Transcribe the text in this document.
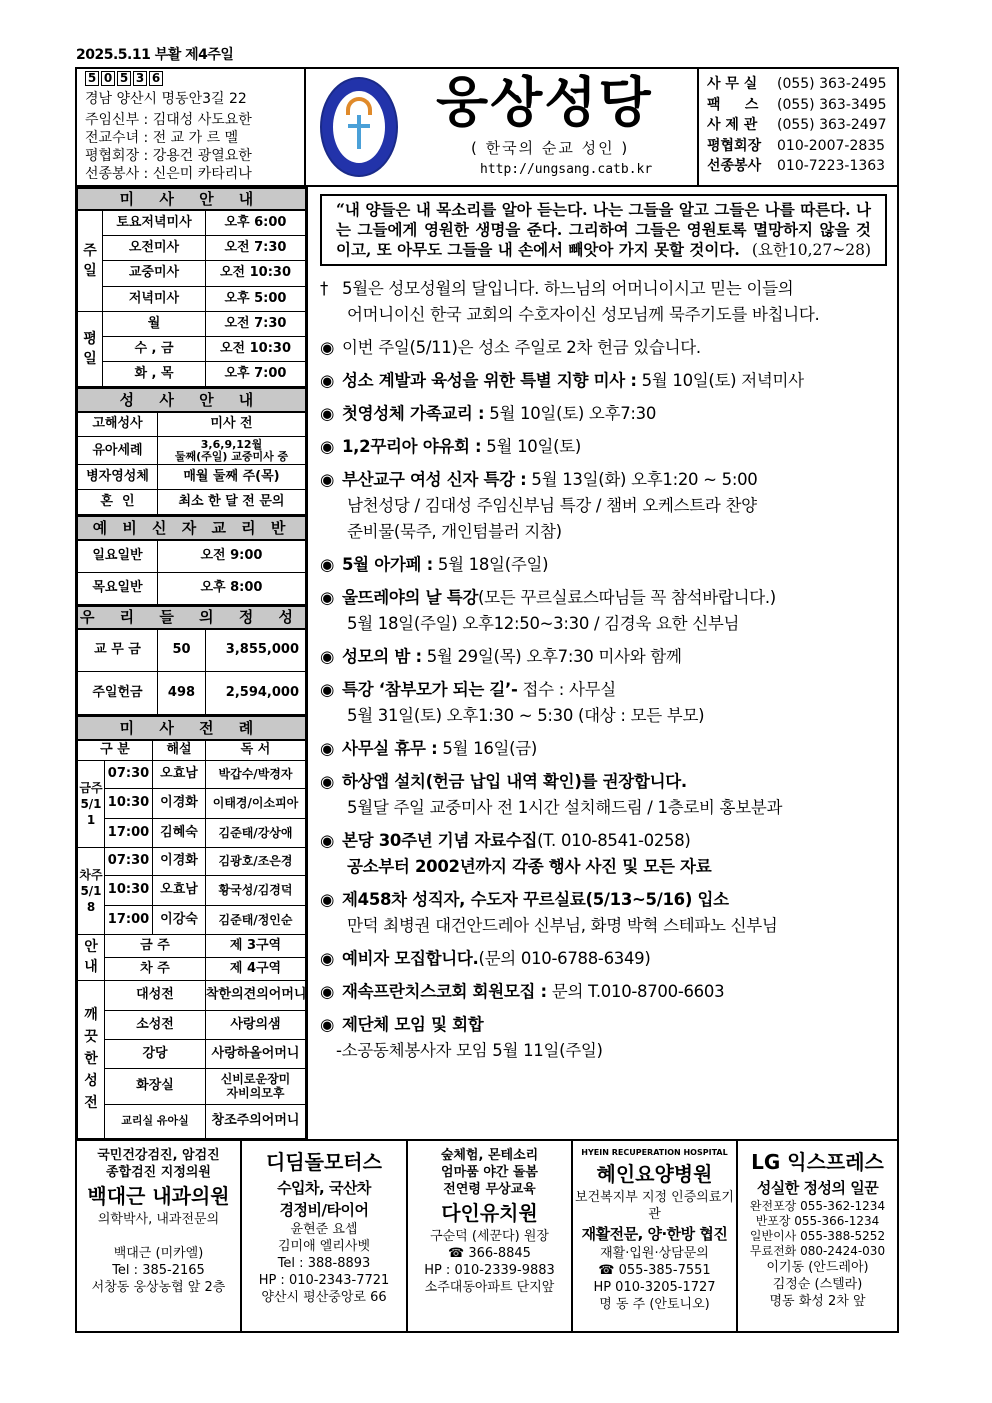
2025.5.11 부활 제4주일
5 0 5 3 6
경남 양산시 명동안3길 22
주임신부 : 김대성 사도요한
전교수녀 : 전 교 가 르 멜
평협회장 : 강용건 광열요한
선종봉사 : 신은미 카타리나
웅상성당
( 한국의 순교 성인 )
http://ungsang.catb.kr
사 무 실	(055) 363-2495
팩     스	(055) 363-3495
사 제 관	(055) 363-2497
평협회장	010-2007-2835
선종봉사	010-7223-1363
미 사 안 내		
주일	토요저녁미사	오후 6:00
	오전미사	오전 7:30
	교중미사	오전 10:30
	저녁미사	오후 5:00
평일	월	오전 7:30
	수 , 금	오전 10:30
	화 , 목	오후 7:00
성 사 안 내	
고해성사	미사 전
유아세례	3,6,9,12월
둘째(주일) 교중미사 중

병자영성체	매월 둘째 주(목)
혼  인	최소 한 달 전 문의
예 비 신 자 교 리 반	
일요일반	오전 9:00
목요일반	오후 8:00
우 리 들 의 정 성		
교 무 금	50	3,855,000
주일헌금	498	2,594,000
미 사 전 례			
구 분		해설	독 서
금주 5/11	07:30	오효남	박갑수/박경자
	10:30	이경화	이태경/이소피아
	17:00	김혜숙	김준태/강상애
차주 5/18	07:30	이경화	김광호/조은경
	10:30	오효남	황국성/김경덕
	17:00	이강숙	김준태/정인순
안내	금 주		제 3구역
	차 주		제 4구역
깨끗한성전	대성전		착한의견의어머니
	소성전		사랑의샘
	강당		사랑하올어머니
	화장실		신비로운장미
자비의모후

	교리실 유아실		창조주의어머니
“내 양들은 내 목소리를 알아 듣는다. 나는 그들을 알고 그들은 나를 따른다. 나는 그들에게 영원한 생명을 준다. 그리하여 그들은 영원토록 멸망하지 않을 것이고, 또 아무도 그들을 내 손에서 빼앗아 가지 못할 것이다. (요한10,27~28)
† 5월은 성모성월의 달입니다. 하느님의 어머니이시고 믿는 이들의
어머니이신 한국 교회의 수호자이신 성모님께 묵주기도를 바칩니다.
◉ 이번 주일(5/11)은 성소 주일로 2차 헌금 있습니다.
◉ 성소 계발과 육성을 위한 특별 지향 미사 : 5월 10일(토) 저녁미사
◉ 첫영성체 가족교리 : 5월 10일(토) 오후7:30
◉ 1,2꾸리아 야유회 : 5월 10일(토)
◉ 부산교구 여성 신자 특강 : 5월 13일(화) 오후1:20 ~ 5:00
남천성당 / 김대성 주임신부님 특강 / 챔버 오케스트라 찬양
준비물(묵주, 개인텀블러 지참)
◉ 5월 아가페 : 5월 18일(주일)
◉ 울뜨레야의 날 특강(모든 꾸르실료스따님들 꼭 참석바랍니다.)
5월 18일(주일) 오후12:50~3:30 / 김경욱 요한 신부님
◉ 성모의 밤 : 5월 29일(목) 오후7:30 미사와 함께
◉ 특강 ‘참부모가 되는 길’- 접수 : 사무실
5월 31일(토) 오후1:30 ~ 5:30 (대상 : 모든 부모)
◉ 사무실 휴무 : 5월 16일(금)
◉ 하상앱 설치(헌금 납입 내역 확인)를 권장합니다.
5월달 주일 교중미사 전 1시간 설치해드림 / 1층로비 홍보분과
◉ 본당 30주년 기념 자료수집(T. 010-8541-0258)
공소부터 2002년까지 각종 행사 사진 및 모든 자료
◉ 제458차 성직자, 수도자 꾸르실료(5/13~5/16) 입소
만덕 최병권 대건안드레아 신부님, 화명 박혁 스테파노 신부님
◉ 예비자 모집합니다.(문의 010-6788-6349)
◉ 재속프란치스코회 회원모집 : 문의 T.010-8700-6603
◉ 제단체 모임 및 회합
-소공동체봉사자 모임 5월 11일(주일)
국민건강검진, 암검진
종합검진 지정의원
백대근 내과의원
의학박사, 내과전문의
백대근 (미카엘)
Tel : 385-2165
서창동 웅상농협 앞 2층
디딤돌모터스
수입차, 국산차
경정비/타이어
윤현준 요셉
김미애 엘리사벳
Tel : 388-8893
HP : 010-2343-7721
양산시 평산중앙로 66
숲체험, 몬테소리
엄마품 야간 돌봄
전연령 무상교육
다인유치원
구순덕 (세꾼다) 원장
☎ 366-8845
HP : 010-2339-9883
소주대동아파트 단지앞
HYEIN RECUPERATION HOSPITAL
혜인요양병원
보건복지부 지정 인증의료기관
재활전문, 양·한방 협진
재활·입원·상담문의
☎ 055-385-7551
HP 010-3205-1727
명 동 주 (안토니오)
LG 익스프레스
성실한 정성의 일꾼
완전포장 055-362-1234
반포장 055-366-1234
일반이사 055-388-5252
무료전화 080-2424-030
이기동 (안드레아)
김정순 (스텔라)
명동 화성 2차 앞
